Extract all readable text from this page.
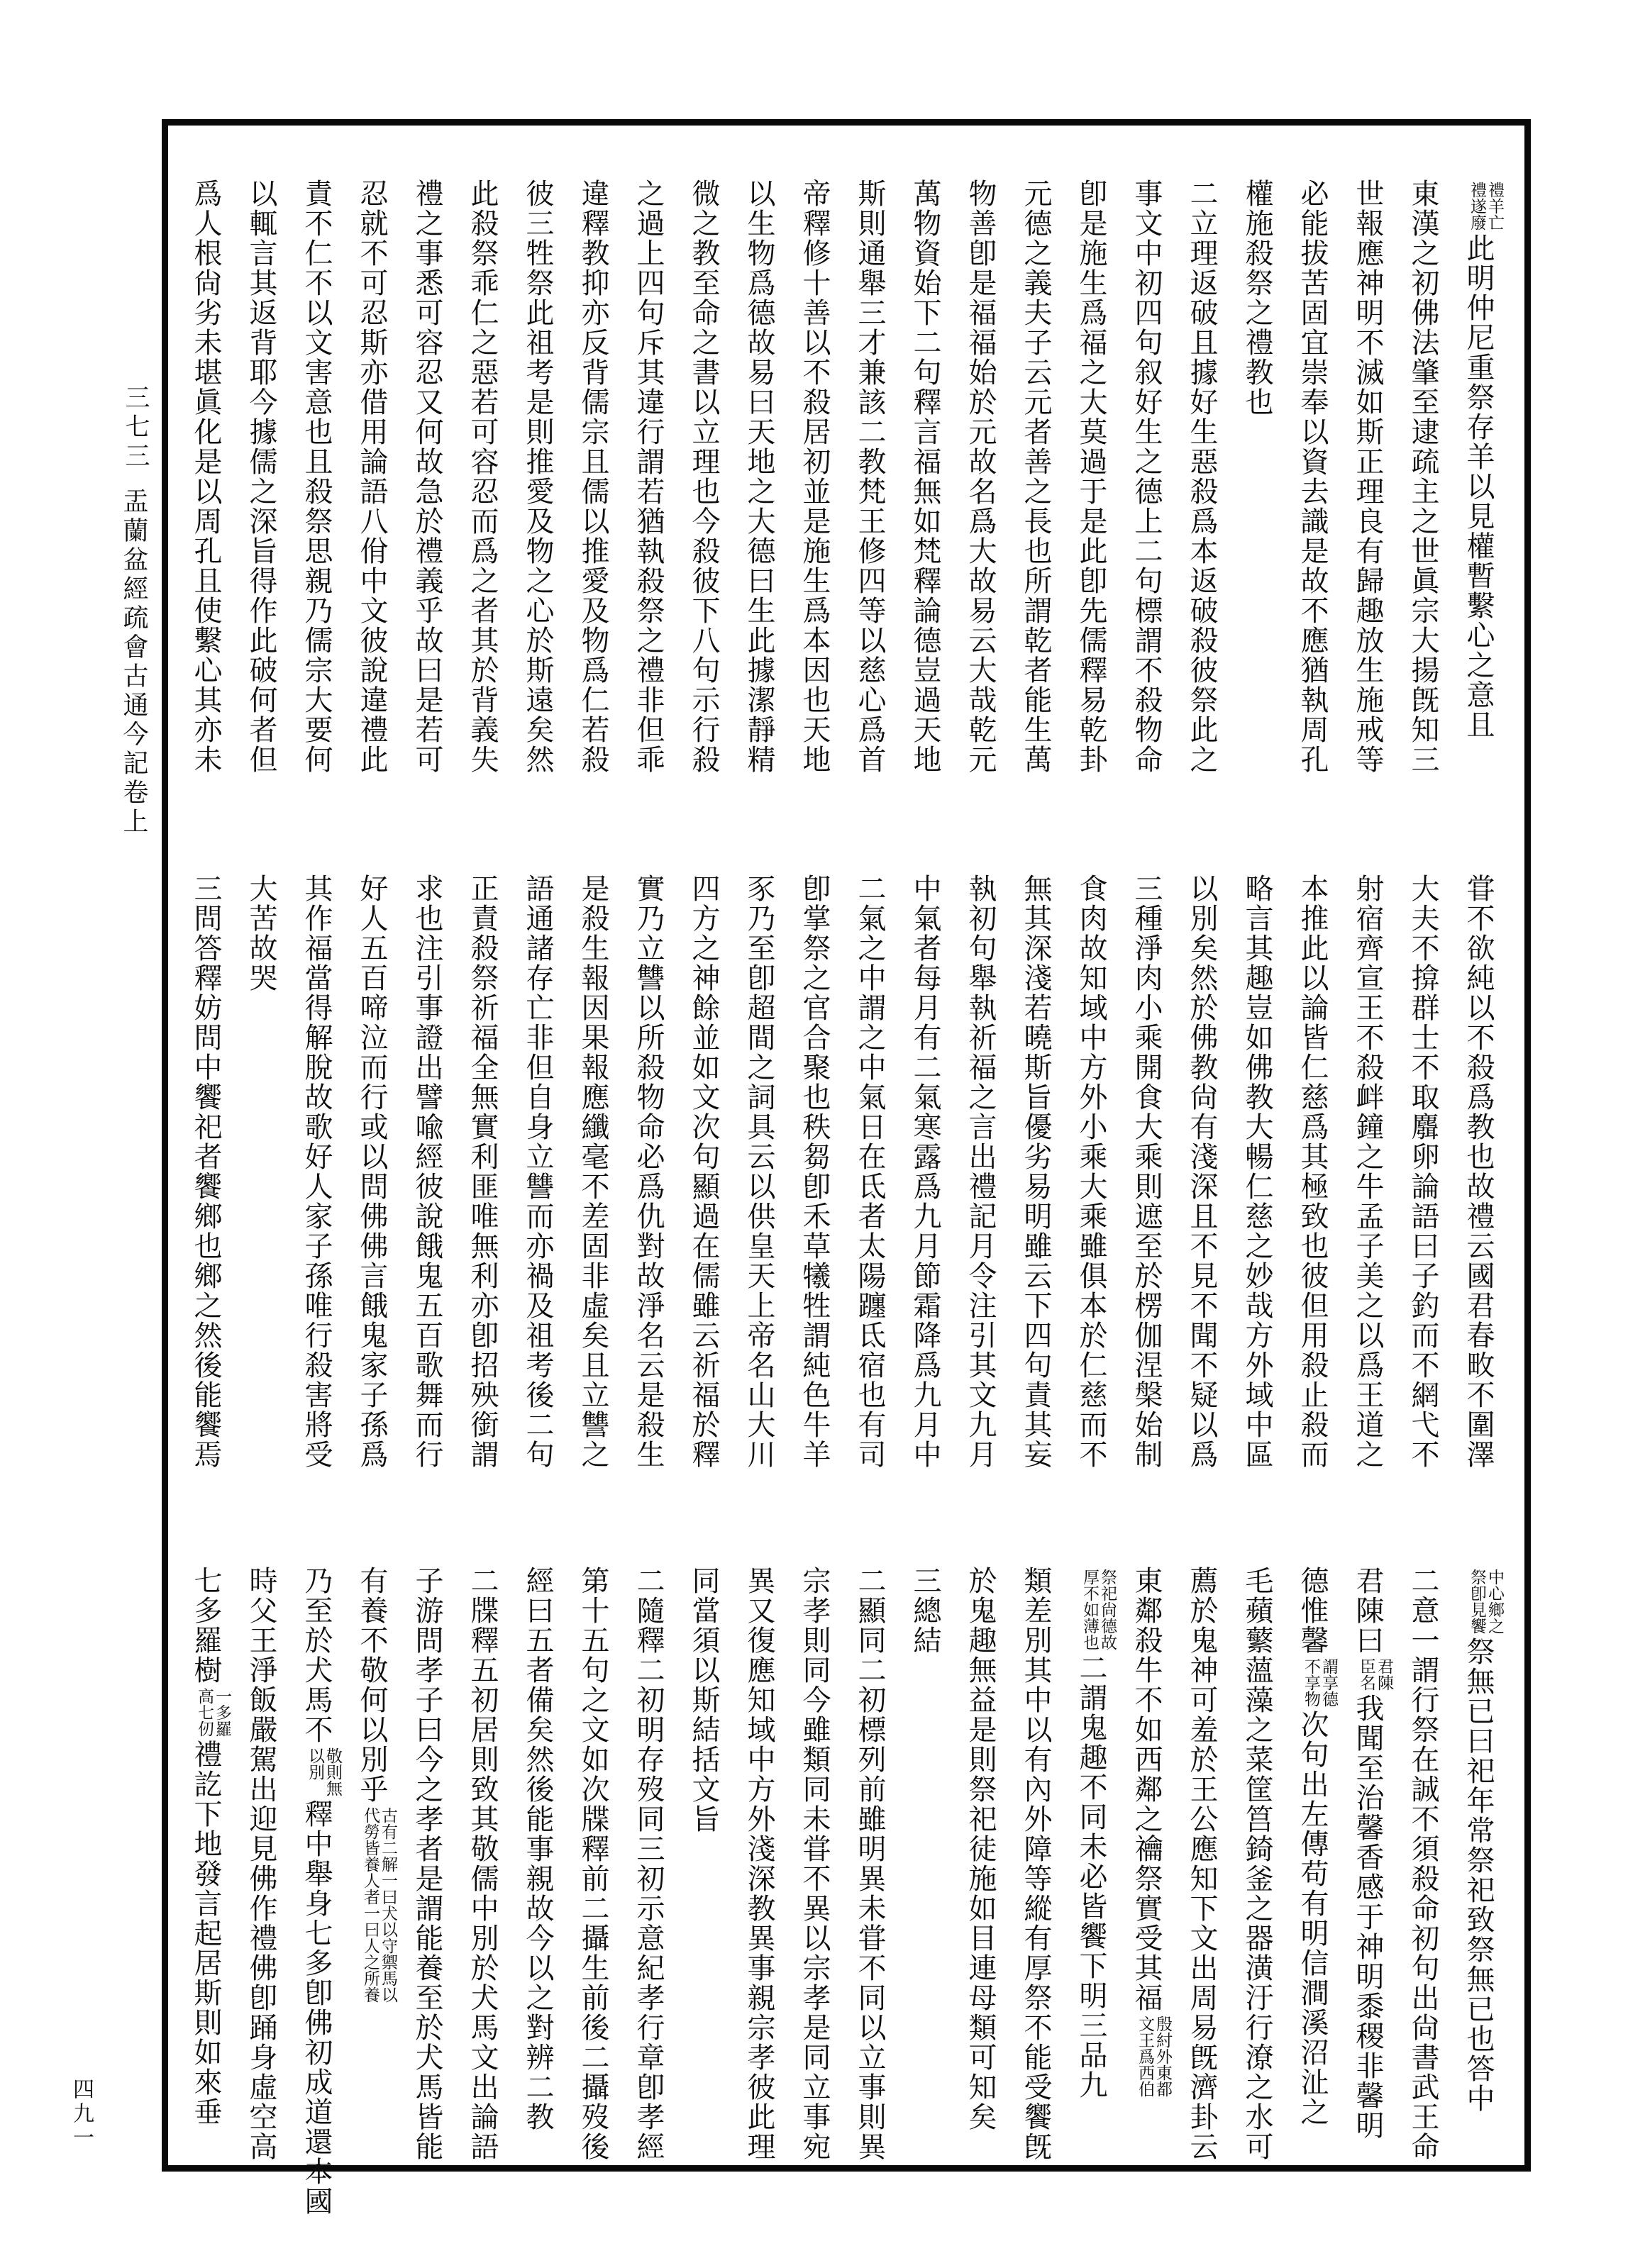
三七三
盂蘭盆經疏會古通今記卷上
四九一
禮羊亡
禮遂廢
此明仲尼重祭存羊以見權暫繫心之意且
東漢之初佛法肇至逮疏主之世眞宗大揚旣知三
世報應神明不滅如斯正理良有歸趣放生施戒等
必能拔苦固宜崇奉以資去識是故不應猶執周孔
權施殺祭之禮教也
二立理返破且據好生惡殺爲本返破殺彼祭此之
事文中初四句叙好生之德上二句標謂不殺物命
卽是施生爲福之大莫過于是此卽先儒釋易乾卦
元德之義夫子云元者善之長也所謂乾者能生萬
物善卽是福福始於元故名爲大故易云大哉乾元
萬物資始下二句釋言福無如梵釋論德豈過天地
斯則通舉三才兼該二教梵王修四等以慈心爲首
帝釋修十善以不殺居初並是施生爲本因也天地
以生物爲德故易曰天地之大德曰生此據潔靜精
微之教至命之書以立理也今殺彼下八句示行殺
之過上四句斥其違行謂若猶執殺祭之禮非但乖
違釋教抑亦反背儒宗且儒以推愛及物爲仁若殺
彼三牲祭此祖考是則推愛及物之心於斯遠矣然
此殺祭乖仁之惡若可容忍而爲之者其於背義失
禮之事悉可容忍又何故急於禮義乎故曰是若可
忍就不可忍斯亦借用論語八佾中文彼說違禮此
責不仁不以文害意也且殺祭思親乃儒宗大要何
以輒言其返背耶今據儒之深旨得作此破何者但
爲人根尙劣未堪眞化是以周孔且使繫心其亦未
甞不欲純以不殺爲教也故禮云國君春畋不圍澤
大夫不揜群士不取麛卵論語曰子釣而不網弋不
射宿齊宣王不殺衅鐘之牛孟子美之以爲王道之
本推此以論皆仁慈爲其極致也彼但用殺止殺而
略言其趣豈如佛教大暢仁慈之妙哉方外域中區
以別矣然於佛教尙有淺深且不見不聞不疑以爲
三種淨肉小乘開食大乘則遮至於楞伽涅槃始制
食肉故知域中方外小乘大乘雖俱本於仁慈而不
無其深淺若曉斯旨優劣易明雖云下四句責其妄
執初句舉執祈福之言出禮記月令注引其文九月
中氣者每月有二氣寒露爲九月節霜降爲九月中
二氣之中謂之中氣日在氐者太陽躔氐宿也有司
卽掌祭之官合聚也秩芻卽禾草犧牲謂純色牛羊
豕乃至卽超間之詞具云以供皇天上帝名山大川
四方之神餘並如文次句顯過在儒雖云祈福於釋
實乃立讐以所殺物命必爲仇對故淨名云是殺生
是殺生報因果報應纖毫不差固非虛矣且立讐之
語通諸存亡非但自身立讐而亦禍及祖考後二句
正責殺祭祈福全無實利匪唯無利亦卽招殃銜謂
求也注引事證出譬喩經彼說餓鬼五百歌舞而行
好人五百啼泣而行或以問佛佛言餓鬼家子孫爲
其作福當得解脫故歌好人家子孫唯行殺害將受
大苦故哭
三問答釋妨問中饗祀者饗鄉也鄉之然後能饗焉
中心鄉之
祭卽見饗
祭無已曰祀年常祭祀致祭無已也答中
二意一謂行祭在誠不須殺命初句出尙書武王命
君陳曰
君陳
臣名
我聞至治馨香感于神明黍稷非馨明
德惟馨
謂享德
不享物
次句出左傳苟有明信澗溪沼沚之
毛蘋蘩薀藻之菜筐筥錡釜之器潢汙行潦之水可
薦於鬼神可羞於王公應知下文出周易旣濟卦云
東鄰殺牛不如西鄰之禴祭實受其福
殷紂外東都
文王爲西伯
祭祀尙德故
厚不如薄也
二謂鬼趣不同未必皆饗下明三品九
類差別其中以有內外障等縱有厚祭不能受饗旣
於鬼趣無益是則祭祀徒施如目連母類可知矣
三總結
二顯同二初標列前雖明異未甞不同以立事則異
宗孝則同今雖類同未甞不異以宗孝是同立事宛
異又復應知域中方外淺深教異事親宗孝彼此理
同當須以斯結括文旨
二隨釋二初明存歿同三初示意紀孝行章卽孝經
第十五句之文如次牒釋前二攝生前後二攝歿後
經曰五者備矣然後能事親故今以之對辨二教
二牒釋五初居則致其敬儒中別於犬馬文出論語
子游問孝子曰今之孝者是謂能養至於犬馬皆能
有養不敬何以別乎
古有二解一曰犬以守禦馬以
代勞皆養人者一曰人之所養
乃至於犬馬不
敬則無
以別
釋中舉身七多卽佛初成道還本國
時父王淨飯嚴駕出迎見佛作禮佛卽踊身虛空高
七多羅樹
一多羅
高七仞
禮訖下地發言起居斯則如來垂
